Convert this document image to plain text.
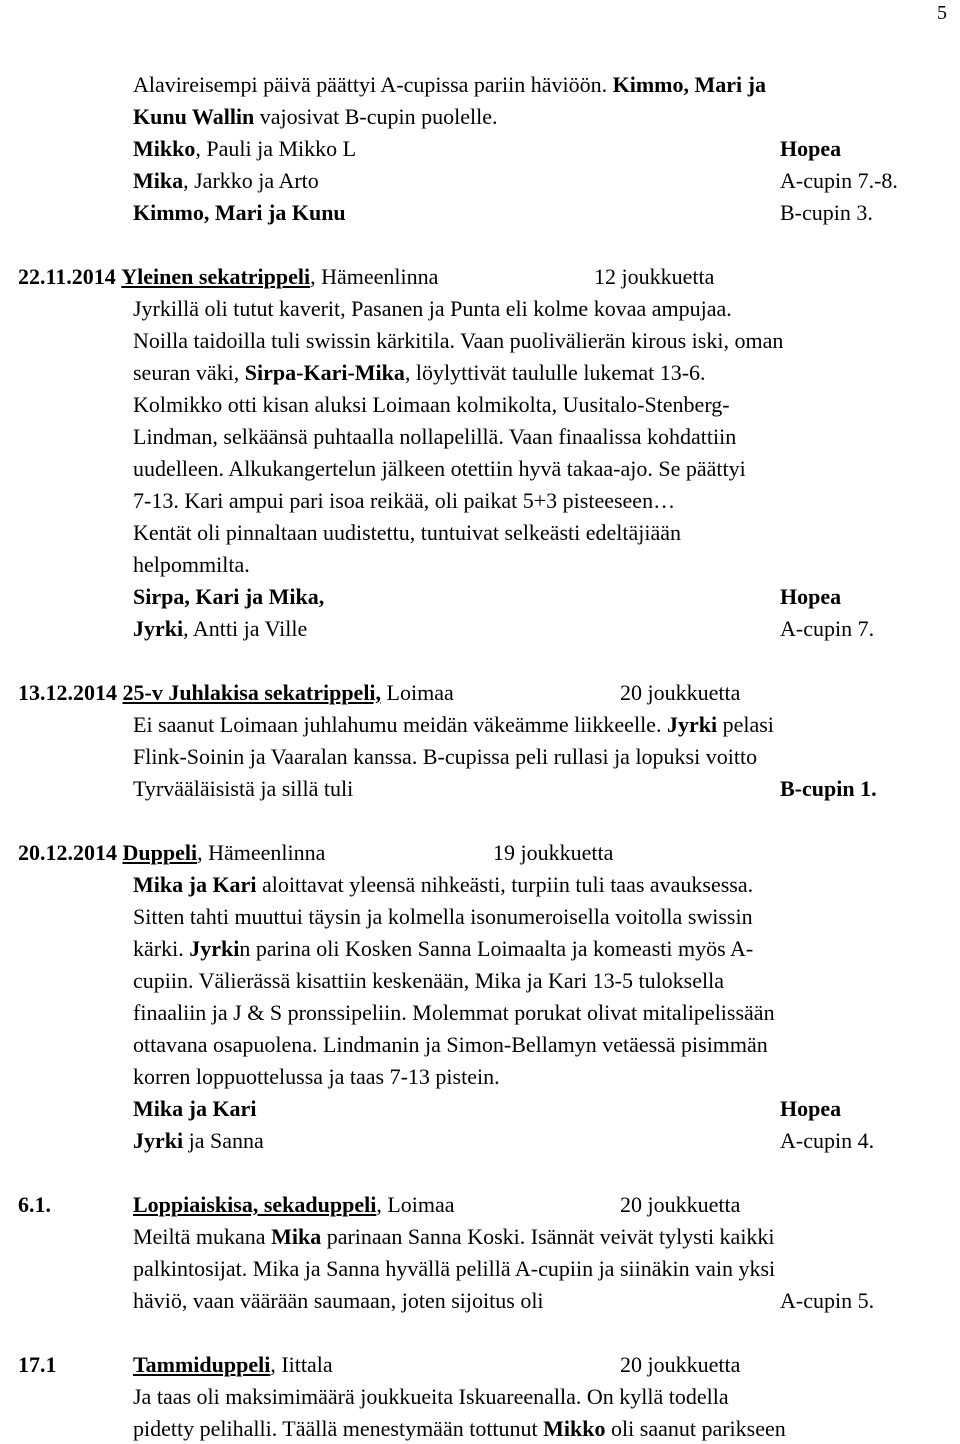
5
Alavireisempi päivä päättyi A-cupissa pariin häviöön. Kimmo, Mari ja
Kunu Wallin vajosivat B-cupin puolelle.
Mikko, Pauli ja Mikko L	Hopea
Mika, Jarkko ja Arto	A-cupin 7.-8.
Kimmo, Mari ja Kunu	B-cupin 3.
22.11.2014 Yleinen sekatrippeli, Hämeenlinna	12 joukkuetta
Jyrkillä oli tutut kaverit, Pasanen ja Punta eli kolme kovaa ampujaa.
Noilla taidoilla tuli swissin kärkitila. Vaan puolivälierän kirous iski, oman
seuran väki, Sirpa-Kari-Mika, löylyttivät taululle lukemat 13-6.
Kolmikko otti kisan aluksi Loimaan kolmikolta, Uusitalo-Stenberg-
Lindman, selkäänsä puhtaalla nollapelillä. Vaan finaalissa kohdattiin
uudelleen. Alkukangertelun jälkeen otettiin hyvä takaa-ajo. Se päättyi
7-13. Kari ampui pari isoa reikää, oli paikat 5+3 pisteeseen…
Kentät oli pinnaltaan uudistettu, tuntuivat selkeästi edeltäjiään
helpommilta.
Sirpa, Kari ja Mika,	Hopea
Jyrki, Antti ja Ville	A-cupin 7.
13.12.2014 25-v Juhlakisa sekatrippeli, Loimaa	20 joukkuetta
Ei saanut Loimaan juhlahumu meidän väkeämme liikkeelle. Jyrki pelasi
Flink-Soinin ja Vaaralan kanssa. B-cupissa peli rullasi ja lopuksi voitto
Tyrvääläisistä ja sillä tuli	B-cupin 1.
20.12.2014 Duppeli, Hämeenlinna	19 joukkuetta
Mika ja Kari aloittavat yleensä nihkeästi, turpiin tuli taas avauksessa.
Sitten tahti muuttui täysin ja kolmella isonumeroisella voitolla swissin
kärki. Jyrkin parina oli Kosken Sanna Loimaalta ja komeasti myös A-
cupiin. Välierässä kisattiin keskenään, Mika ja Kari 13-5 tuloksella
finaaliin ja J & S pronssipeliin. Molemmat porukat olivat mitalipelissään
ottavana osapuolena. Lindmanin ja Simon-Bellamyn vetäessä pisimmän
korren loppuottelussa ja taas 7-13 pistein.
Mika ja Kari	Hopea
Jyrki ja Sanna	A-cupin 4.
6.1.	Loppiaiskisa, sekaduppeli, Loimaa	20 joukkuetta
Meiltä mukana Mika parinaan Sanna Koski. Isännät veivät tylysti kaikki
palkintosijat. Mika ja Sanna hyvällä pelillä A-cupiin ja siinäkin vain yksi
häviö, vaan väärään saumaan, joten sijoitus oli	A-cupin 5.
17.1	Tammiduppeli, Iittala	20 joukkuetta
Ja taas oli maksimimäärä joukkueita Iskuareenalla. On kyllä todella
pidetty pelihalli. Täällä menestymään tottunut Mikko oli saanut parikseen
